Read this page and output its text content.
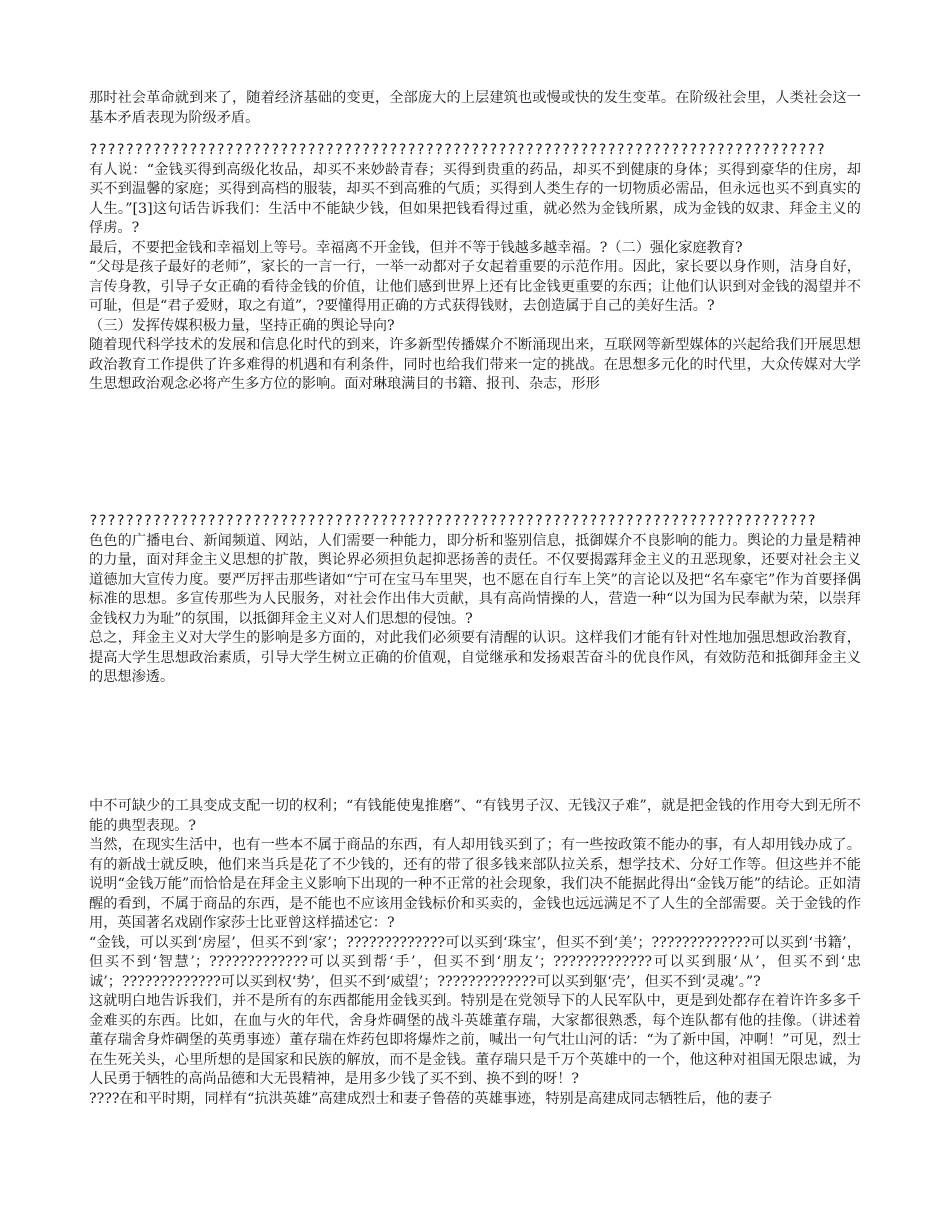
那时社会革命就到来了，随着经济基础的变更，全部庞大的上层建筑也或慢或快的发生变革。在阶级社会里，人类社会这一基本矛盾表现为阶级矛盾。

?????????????????????????????????????????????????????????????????????????????????

有人说：“金钱买得到高级化妆品，却买不来妙龄青春；买得到贵重的药品，却买不到健康的身体；买得到豪华的住房，却买不到温馨的家庭；买得到高档的服装，却买不到高雅的气质；买得到人类生存的一切物质必需品，但永远也买不到真实的人生。”[3]这句话告诉我们：生活中不能缺少钱，但如果把钱看得过重，就必然为金钱所累，成为金钱的奴隶、拜金主义的俘虏。?

最后，不要把金钱和幸福划上等号。幸福离不开金钱，但并不等于钱越多越幸福。?（二）强化家庭教育?

“父母是孩子最好的老师”，家长的一言一行，一举一动都对子女起着重要的示范作用。因此，家长要以身作则，洁身自好，言传身教，引导子女正确的看待金钱的价值，让他们感到世界上还有比金钱更重要的东西；让他们认识到对金钱的渴望并不可耻，但是“君子爱财，取之有道”，?要懂得用正确的方式获得钱财，去创造属于自己的美好生活。?

（三）发挥传媒积极力量，坚持正确的舆论导向?

随着现代科学技术的发展和信息化时代的到来，许多新型传播媒介不断涌现出来，互联网等新型媒体的兴起给我们开展思想政治教育工作提供了许多难得的机遇和有利条件，同时也给我们带来一定的挑战。在思想多元化的时代里，大众传媒对大学生思想政治观念必将产生多方位的影响。面对琳琅满目的书籍、报刊、杂志，形形

????????????????????????????????????????????????????????????????????????????????

色色的广播电台、新闻频道、网站，人们需要一种能力，即分析和鉴别信息，抵御媒介不良影响的能力。舆论的力量是精神的力量，面对拜金主义思想的扩散，舆论界必须担负起抑恶扬善的责任。不仅要揭露拜金主义的丑恶现象，还要对社会主义道德加大宣传力度。要严厉抨击那些诸如“宁可在宝马车里哭，也不愿在自行车上笑”的言论以及把“名车豪宅”作为首要择偶标准的思想。多宣传那些为人民服务，对社会作出伟大贡献，具有高尚情操的人，营造一种“以为国为民奉献为荣，以崇拜金钱权力为耻”的氛围，以抵御拜金主义对人们思想的侵蚀。?

总之，拜金主义对大学生的影响是多方面的，对此我们必须要有清醒的认识。这样我们才能有针对性地加强思想政治教育，提高大学生思想政治素质，引导大学生树立正确的价值观，自觉继承和发扬艰苦奋斗的优良作风，有效防范和抵御拜金主义的思想渗透。

中不可缺少的工具变成支配一切的权利；“有钱能使鬼推磨”、“有钱男子汉、无钱汉子难”，就是把金钱的作用夸大到无所不能的典型表现。?

当然，在现实生活中，也有一些本不属于商品的东西，有人却用钱买到了；有一些按政策不能办的事，有人却用钱办成了。有的新战士就反映，他们来当兵是花了不少钱的，还有的带了很多钱来部队拉关系，想学技术、分好工作等。但这些并不能说明“金钱万能”而恰恰是在拜金主义影响下出现的一种不正常的社会现象，我们决不能据此得出“金钱万能”的结论。正如清醒的看到，不属于商品的东西，是不能也不应该用金钱标价和买卖的，金钱也远远满足不了人生的全部需要。关于金钱的作用，英国著名戏剧作家莎士比亚曾这样描述它：?

“金钱，可以买到‘房屋’，但买不到‘家’；?????????????可以买到‘珠宝’，但买不到‘美’；?????????????可以买到‘书籍’，但买不到‘智慧’；?????????????可以买到帮‘手’，但买不到‘朋友’；?????????????可以买到服‘从’，但买不到‘忠诚’；?????????????可以买到权‘势’，但买不到‘威望’；?????????????可以买到躯‘壳’，但买不到‘灵魂’。”?

这就明白地告诉我们，并不是所有的东西都能用金钱买到。特别是在党领导下的人民军队中，更是到处都存在着许许多多千金难买的东西。比如，在血与火的年代，舍身炸碉堡的战斗英雄董存瑞，大家都很熟悉，每个连队都有他的挂像。（讲述着董存瑞舍身炸碉堡的英勇事迹）董存瑞在炸药包即将爆炸之前，喊出一句气壮山河的话：“为了新中国，冲啊！”可见，烈士在生死关头，心里所想的是国家和民族的解放，而不是金钱。董存瑞只是千万个英雄中的一个，他这种对祖国无限忠诚，为人民勇于牺牲的高尚品德和大无畏精神，是用多少钱了买不到、换不到的呀！?

????在和平时期，同样有“抗洪英雄”高建成烈士和妻子鲁蓓的英雄事迹，特别是高建成同志牺牲后，他的妻子
